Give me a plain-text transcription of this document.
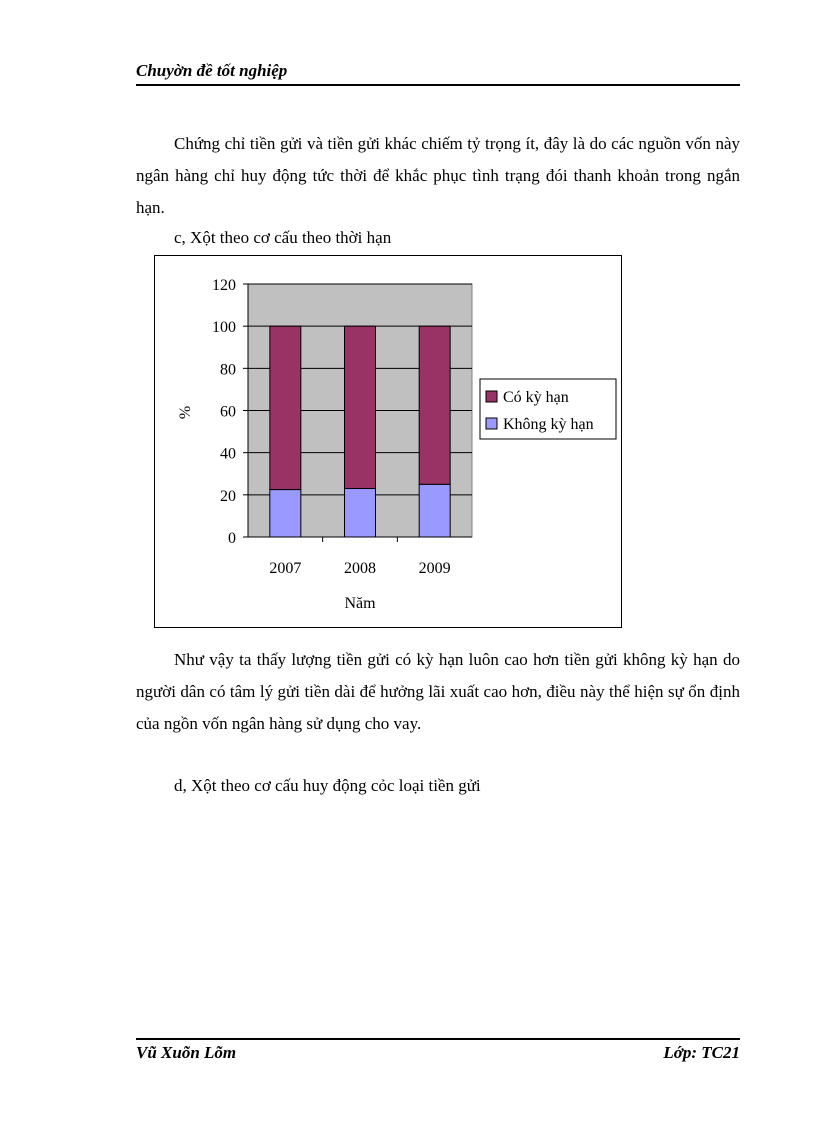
Chuyờn đề tốt nghiệp

Chứng chỉ tiền gửi và tiền gửi khác chiếm tỷ trọng ít, đây là do các nguồn vốn này ngân hàng chỉ huy động tức thời để khắc phục tình trạng đói thanh khoản trong ngắn hạn.

c, Xột theo cơ cấu theo thời hạn

0
20
40
60
80
100
120
2007	2008	2009
Năm
%
Có kỳ hạn
Không kỳ hạn

Như vậy ta thấy lượng tiền gửi có kỳ hạn luôn cao hơn tiền gửi không kỳ hạn do người dân có tâm lý gửi tiền dài để hưởng lãi xuất cao hơn, điều này thể hiện sự ổn định của ngồn vốn ngân hàng sử dụng cho vay.

d, Xột theo cơ cấu huy động cỏc loại tiền gửi

Vũ Xuõn Lõm	Lớp: TC21
